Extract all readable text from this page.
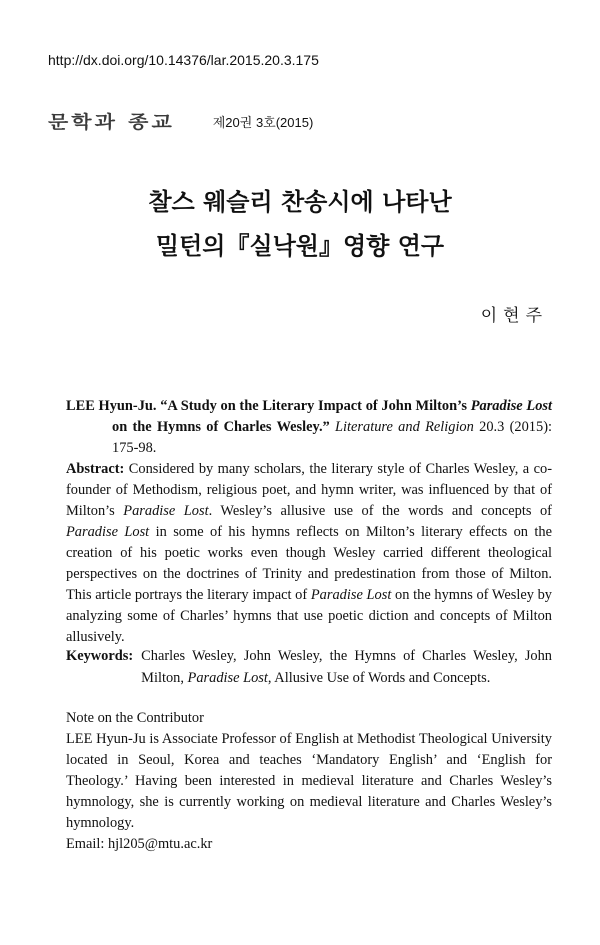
http://dx.doi.org/10.14376/lar.2015.20.3.175
문학과 종교	제20권 3호(2015)
찰스 웨슬리 찬송시에 나타난
밀턴의『실낙원』영향 연구
이현주
LEE Hyun-Ju. “A Study on the Literary Impact of John Milton’s Paradise Lost on the Hymns of Charles Wesley.” Literature and Religion 20.3 (2015): 175-98.
Abstract: Considered by many scholars, the literary style of Charles Wesley, a co-founder of Methodism, religious poet, and hymn writer, was influenced by that of Milton’s Paradise Lost. Wesley’s allusive use of the words and concepts of Paradise Lost in some of his hymns reflects on Milton’s literary effects on the creation of his poetic works even though Wesley carried different theological perspectives on the doctrines of Trinity and predestination from those of Milton. This article portrays the literary impact of Paradise Lost on the hymns of Wesley by analyzing some of Charles’ hymns that use poetic diction and concepts of Milton allusively.
Keywords: Charles Wesley, John Wesley, the Hymns of Charles Wesley, John Milton, Paradise Lost, Allusive Use of Words and Concepts.
Note on the Contributor
LEE Hyun-Ju is Associate Professor of English at Methodist Theological University located in Seoul, Korea and teaches ‘Mandatory English’ and ‘English for Theology.’ Having been interested in medieval literature and Charles Wesley’s hymnology, she is currently working on medieval literature and Charles Wesley’s hymnology.
Email: hjl205@mtu.ac.kr
